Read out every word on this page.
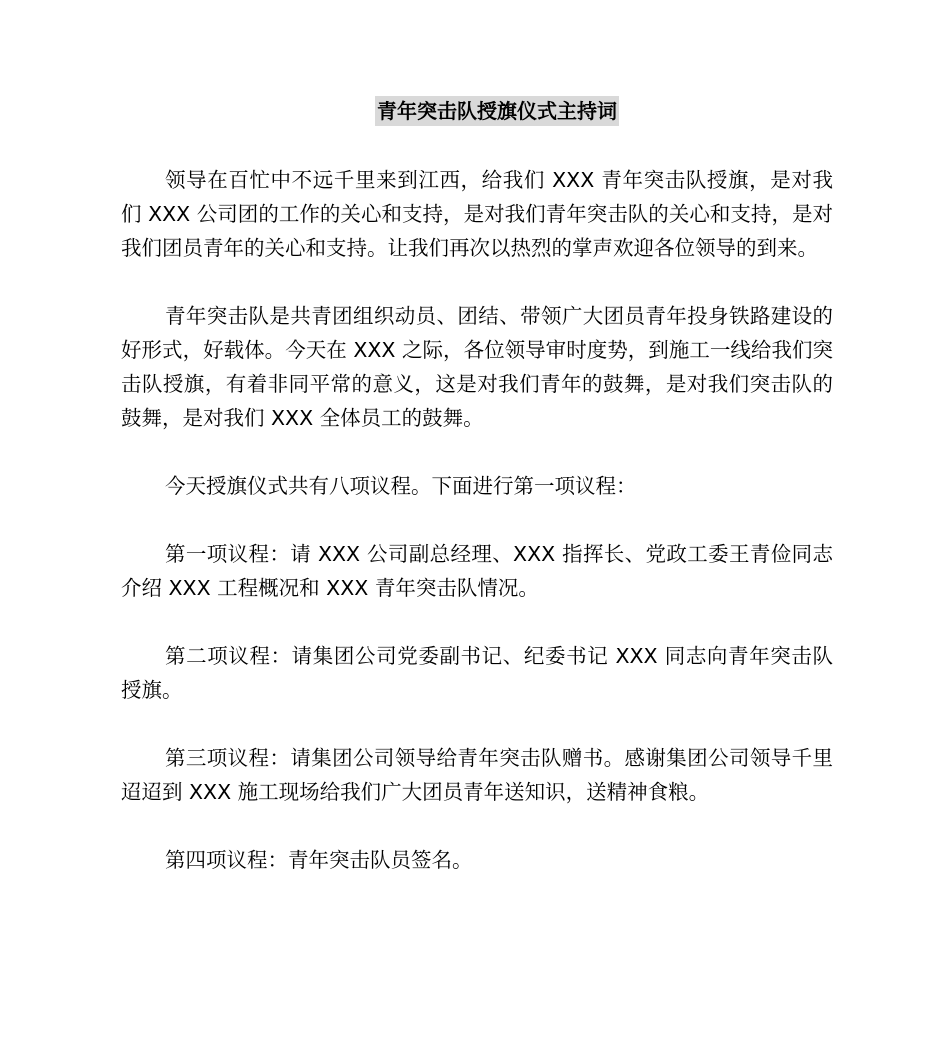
青年突击队授旗仪式主持词

领导在百忙中不远千里来到江西，给我们 XXX 青年突击队授旗，是对我们 XXX 公司团的工作的关心和支持，是对我们青年突击队的关心和支持，是对我们团员青年的关心和支持。让我们再次以热烈的掌声欢迎各位领导的到来。

青年突击队是共青团组织动员、团结、带领广大团员青年投身铁路建设的好形式，好载体。今天在 XXX 之际，各位领导审时度势，到施工一线给我们突击队授旗，有着非同平常的意义，这是对我们青年的鼓舞，是对我们突击队的鼓舞，是对我们 XXX 全体员工的鼓舞。

今天授旗仪式共有八项议程。下面进行第一项议程：

第一项议程：请 XXX 公司副总经理、XXX 指挥长、党政工委王青俭同志介绍 XXX 工程概况和 XXX 青年突击队情况。

第二项议程：请集团公司党委副书记、纪委书记 XXX 同志向青年突击队授旗。

第三项议程：请集团公司领导给青年突击队赠书。感谢集团公司领导千里迢迢到 XXX 施工现场给我们广大团员青年送知识，送精神食粮。

第四项议程：青年突击队员签名。
